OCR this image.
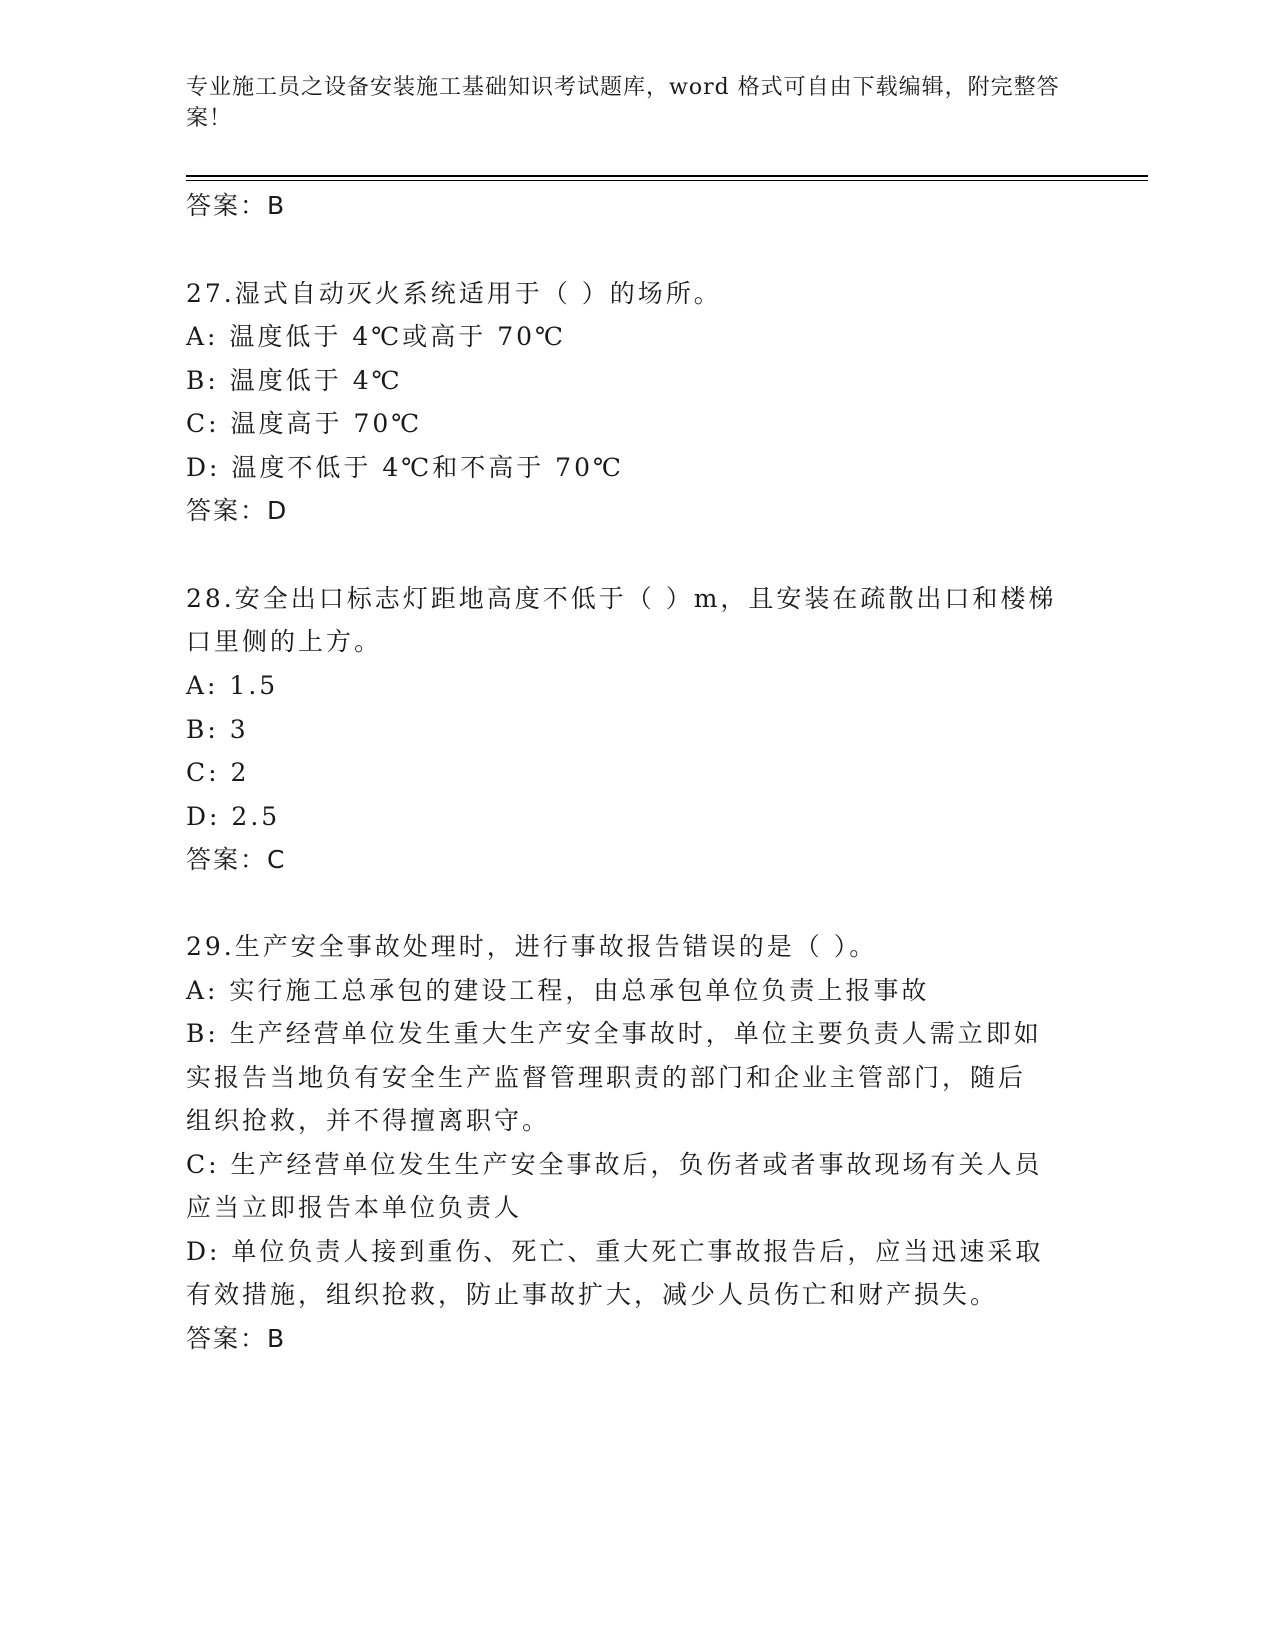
专业施工员之设备安装施工基础知识考试题库，word 格式可自由下载编辑，附完整答案！
答案：B
27.湿式自动灭火系统适用于（ ）的场所。
A: 温度低于 4℃或高于 70℃
B: 温度低于 4℃
C: 温度高于 70℃
D: 温度不低于 4℃和不高于 70℃
答案：D
28.安全出口标志灯距地高度不低于（ ）m，且安装在疏散出口和楼梯
口里侧的上方。
A: 1.5
B: 3
C: 2
D: 2.5
答案：C
29.生产安全事故处理时，进行事故报告错误的是（ ）。
A: 实行施工总承包的建设工程，由总承包单位负责上报事故
B: 生产经营单位发生重大生产安全事故时，单位主要负责人需立即如
实报告当地负有安全生产监督管理职责的部门和企业主管部门，随后
组织抢救，并不得擅离职守。
C: 生产经营单位发生生产安全事故后，负伤者或者事故现场有关人员
应当立即报告本单位负责人
D: 单位负责人接到重伤、死亡、重大死亡事故报告后，应当迅速采取
有效措施，组织抢救，防止事故扩大，减少人员伤亡和财产损失。
答案：B
